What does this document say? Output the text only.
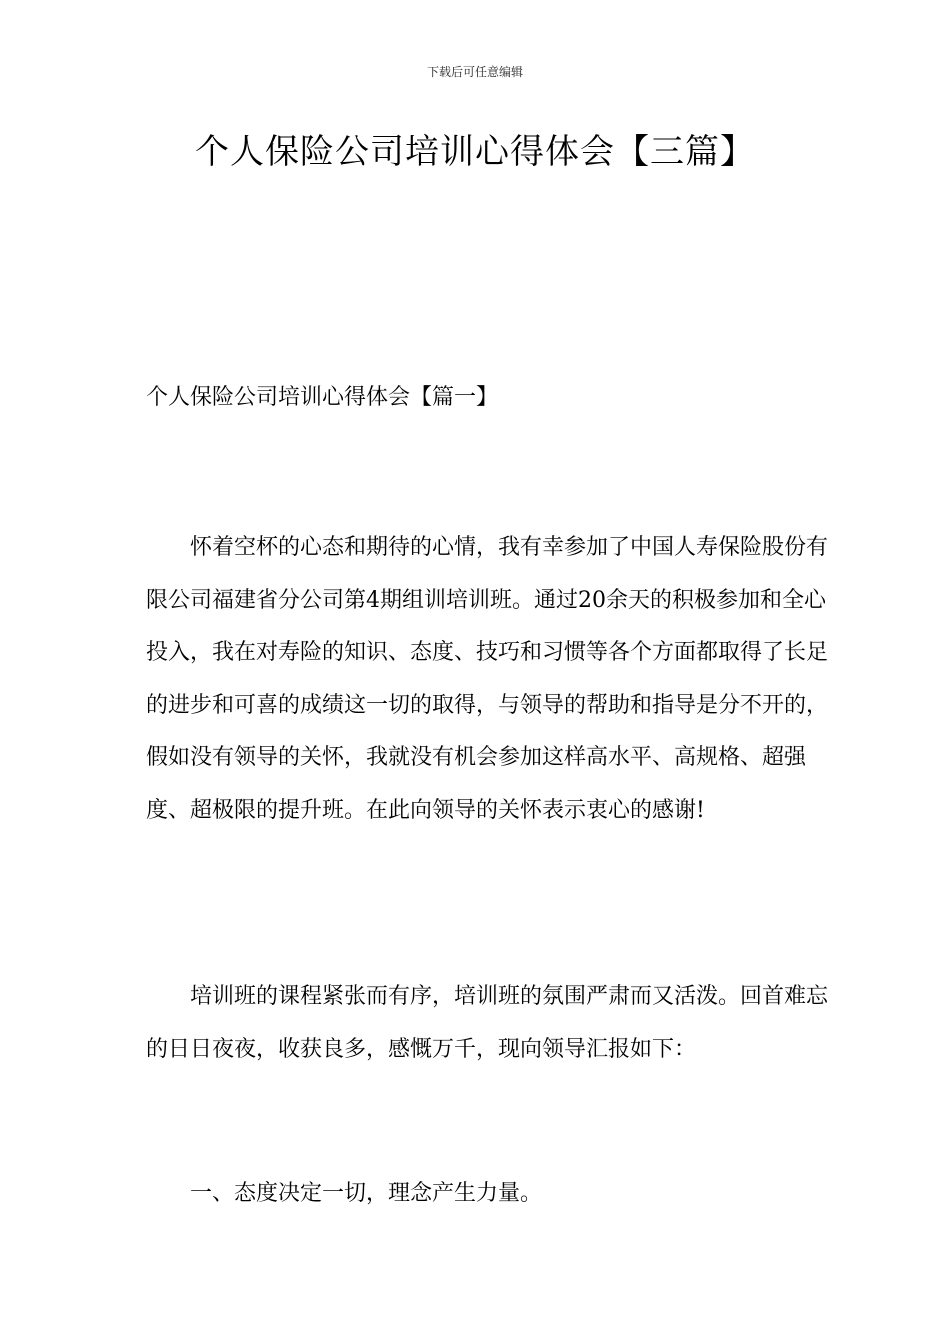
下载后可任意编辑
个人保险公司培训心得体会【三篇】
个人保险公司培训心得体会【篇一】

怀着空杯的心态和期待的心情，我有幸参加了中国人寿保险股份有限公司福建省分公司第4期组训培训班。通过20余天的积极参加和全心投入，我在对寿险的知识、态度、技巧和习惯等各个方面都取得了长足的进步和可喜的成绩这一切的取得，与领导的帮助和指导是分不开的，假如没有领导的关怀，我就没有机会参加这样高水平、高规格、超强度、超极限的提升班。在此向领导的关怀表示衷心的感谢!

培训班的课程紧张而有序，培训班的氛围严肃而又活泼。回首难忘的日日夜夜，收获良多，感慨万千，现向领导汇报如下：

一、态度决定一切，理念产生力量。
